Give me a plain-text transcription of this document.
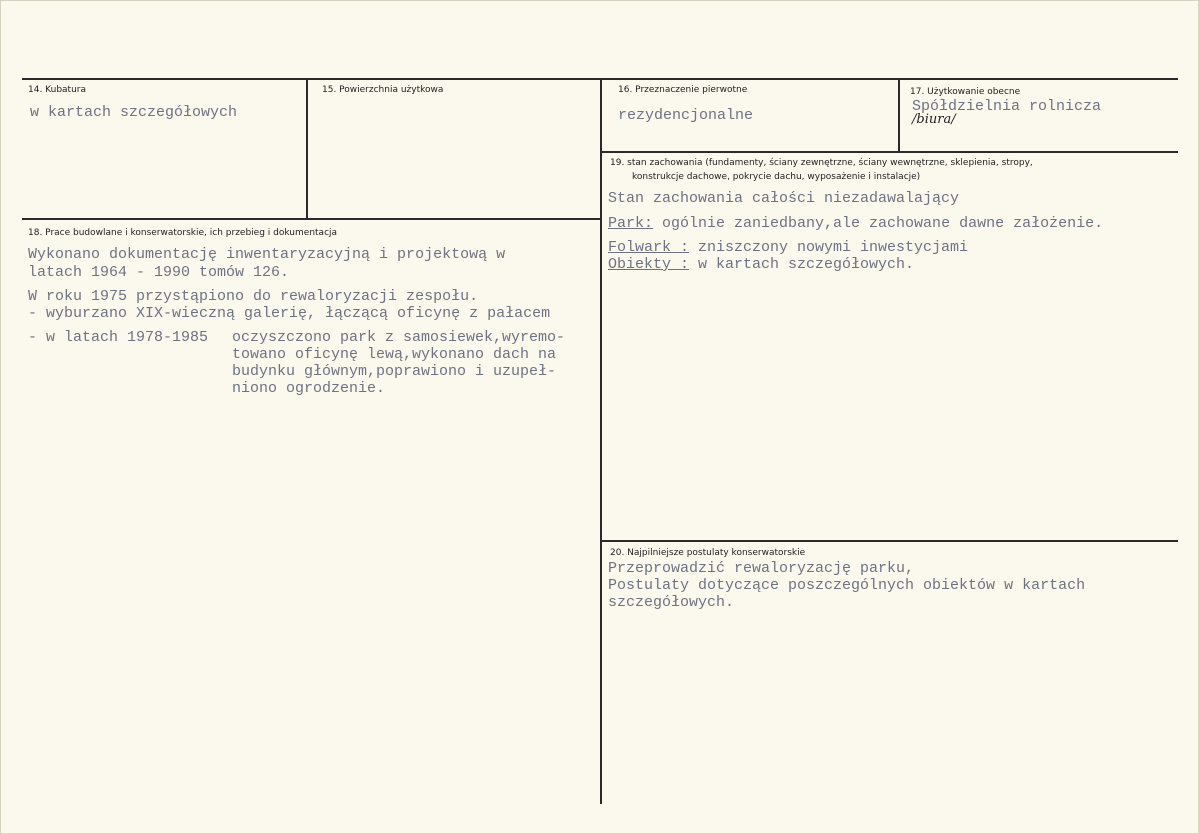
14. Kubatura
w kartach szczegółowych
15. Powierzchnia użytkowa	16. Przeznaczenie pierwotne
rezydencjonalne
17. Użytkowanie obecne
Spółdzielnia rolnicza
/biura/
19. stan zachowania (fundamenty, ściany zewnętrzne, ściany wewnętrzne, sklepienia, stropy,
konstrukcje dachowe, pokrycie dachu, wyposażenie i instalacje)
Stan zachowania całości niezadawalający
Park: ogólnie zaniedbany,ale zachowane dawne założenie.
Folwark : zniszczony nowymi inwestycjami
Obiekty : w kartach szczegółowych.
18. Prace budowlane i konserwatorskie, ich przebieg i dokumentacja
Wykonano dokumentację inwentaryzacyjną i projektową w
latach 1964 - 1990 tomów 126.
W roku 1975 przystąpiono do rewaloryzacji zespołu.
- wyburzano XIX-wieczną galerię, łączącą oficynę z pałacem
- w latach 1978-1985 oczyszczono park z samosiewek,wyremo-
towano oficynę lewą,wykonano dach na
budynku głównym,poprawiono i uzupeł-
niono ogrodzenie.
20. Najpilniejsze postulaty konserwatorskie
Przeprowadzić rewaloryzację parku,
Postulaty dotyczące poszczególnych obiektów w kartach
szczegółowych.
